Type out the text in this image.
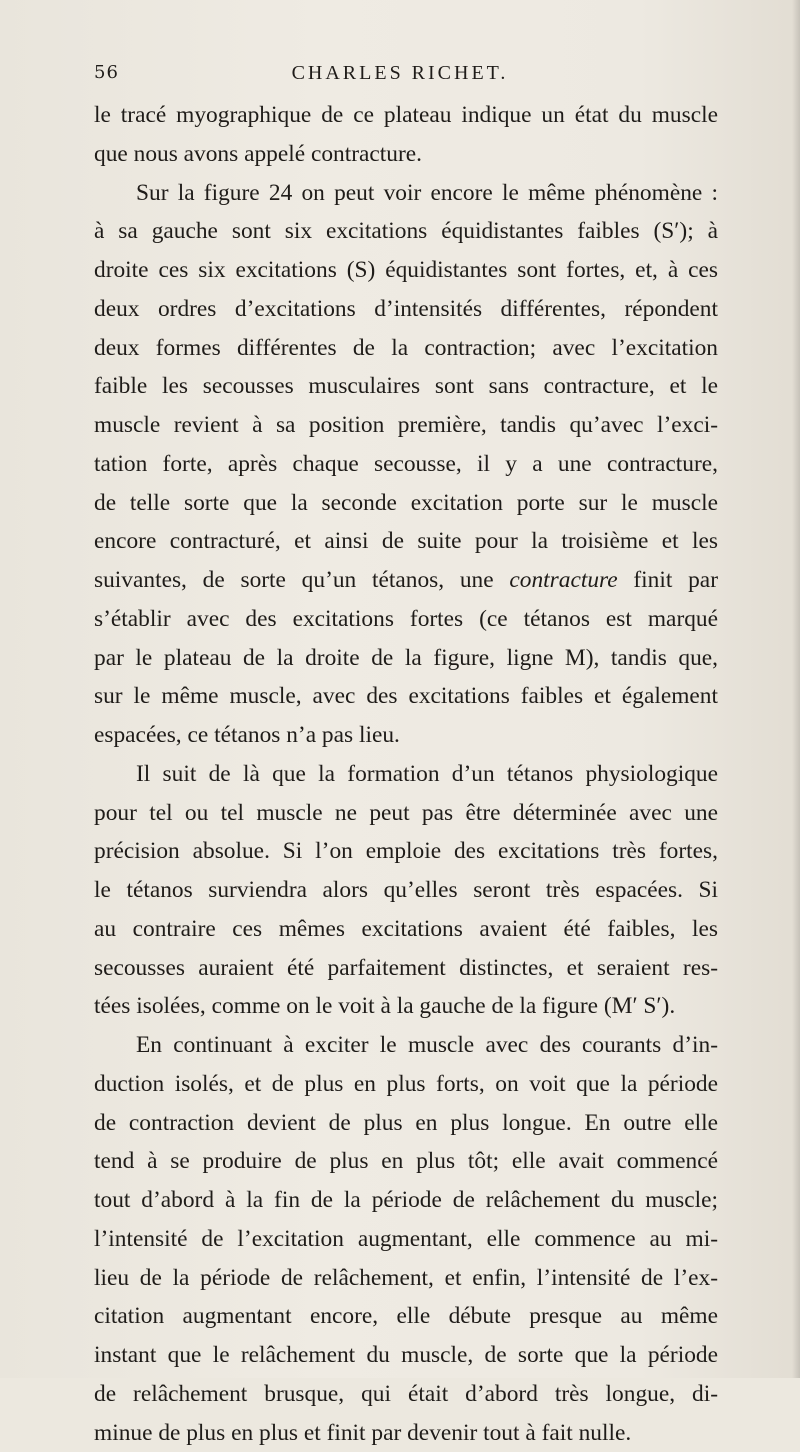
56	CHARLES RICHET.
le tracé myographique de ce plateau indique un état du muscle
que nous avons appelé contracture.
Sur la figure 24 on peut voir encore le même phénomène :
à sa gauche sont six excitations équidistantes faibles (S′); à
droite ces six excitations (S) équidistantes sont fortes, et, à ces
deux ordres d’excitations d’intensités différentes, répondent
deux formes différentes de la contraction; avec l’excitation
faible les secousses musculaires sont sans contracture, et le
muscle revient à sa position première, tandis qu’avec l’exci-
tation forte, après chaque secousse, il y a une contracture,
de telle sorte que la seconde excitation porte sur le muscle
encore contracturé, et ainsi de suite pour la troisième et les
suivantes, de sorte qu’un tétanos, une contracture finit par
s’établir avec des excitations fortes (ce tétanos est marqué
par le plateau de la droite de la figure, ligne M), tandis que,
sur le même muscle, avec des excitations faibles et également
espacées, ce tétanos n’a pas lieu.
Il suit de là que la formation d’un tétanos physiologique
pour tel ou tel muscle ne peut pas être déterminée avec une
précision absolue. Si l’on emploie des excitations très fortes,
le tétanos surviendra alors qu’elles seront très espacées. Si
au contraire ces mêmes excitations avaient été faibles, les
secousses auraient été parfaitement distinctes, et seraient res-
tées isolées, comme on le voit à la gauche de la figure (M′ S′).
En continuant à exciter le muscle avec des courants d’in-
duction isolés, et de plus en plus forts, on voit que la période
de contraction devient de plus en plus longue. En outre elle
tend à se produire de plus en plus tôt; elle avait commencé
tout d’abord à la fin de la période de relâchement du muscle;
l’intensité de l’excitation augmentant, elle commence au mi-
lieu de la période de relâchement, et enfin, l’intensité de l’ex-
citation augmentant encore, elle débute presque au même
instant que le relâchement du muscle, de sorte que la période
de relâchement brusque, qui était d’abord très longue, di-
minue de plus en plus et finit par devenir tout à fait nulle.
